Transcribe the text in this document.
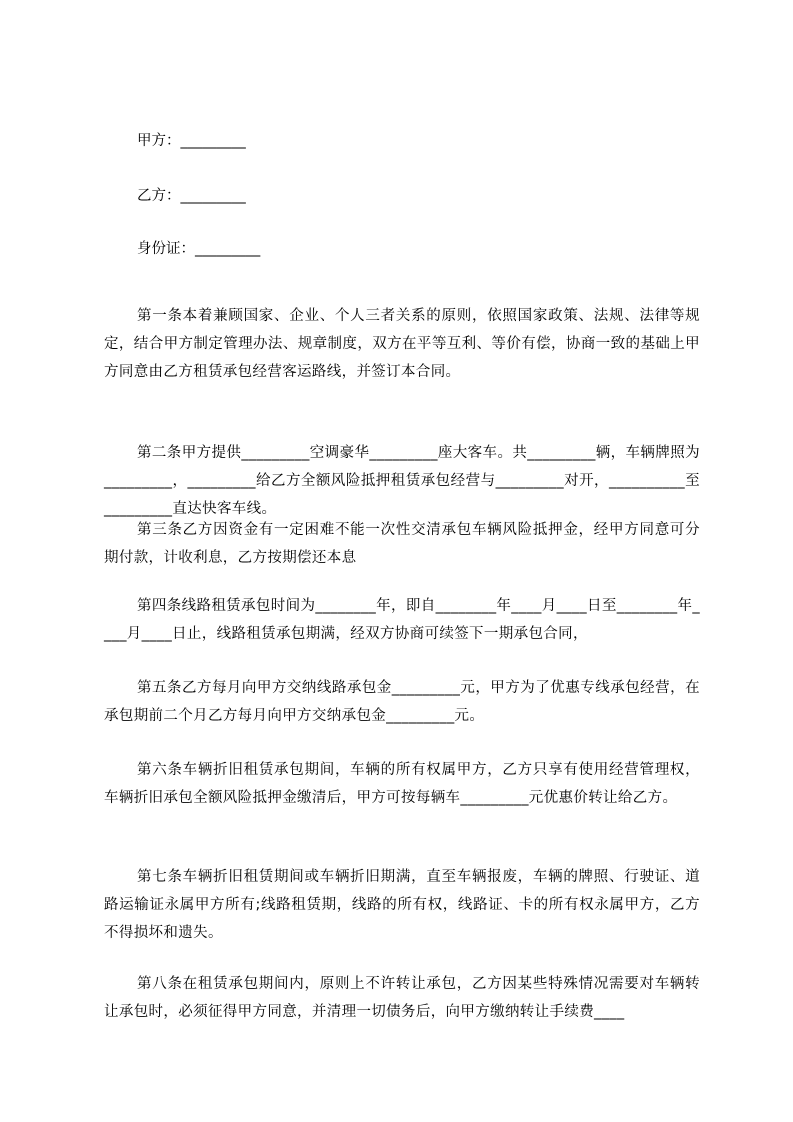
甲方：_________
乙方：_________
身份证：_________

第一条本着兼顾国家、企业、个人三者关系的原则，依照国家政策、法规、法律等规定，结合甲方制定管理办法、规章制度，双方在平等互利、等价有偿，协商一致的基础上甲方同意由乙方租赁承包经营客运路线，并签订本合同。

第二条甲方提供_________空调豪华_________座大客车。共_________辆，车辆牌照为_________，_________给乙方全额风险抵押租赁承包经营与_________对开，__________至_________直达快客车线。

第三条乙方因资金有一定困难不能一次性交清承包车辆风险抵押金，经甲方同意可分期付款，计收利息，乙方按期偿还本息

第四条线路租赁承包时间为________年，即自________年____月____日至________年____月____日止，线路租赁承包期满，经双方协商可续签下一期承包合同，

第五条乙方每月向甲方交纳线路承包金_________元，甲方为了优惠专线承包经营，在承包期前二个月乙方每月向甲方交纳承包金_________元。

第六条车辆折旧租赁承包期间，车辆的所有权属甲方，乙方只享有使用经营管理权，车辆折旧承包全额风险抵押金缴清后，甲方可按每辆车_________元优惠价转让给乙方。

第七条车辆折旧租赁期间或车辆折旧期满，直至车辆报废，车辆的牌照、行驶证、道路运输证永属甲方所有;线路租赁期，线路的所有权，线路证、卡的所有权永属甲方，乙方不得损坏和遗失。

第八条在租赁承包期间内，原则上不许转让承包，乙方因某些特殊情况需要对车辆转让承包时，必须征得甲方同意，并清理一切债务后，向甲方缴纳转让手续费____
